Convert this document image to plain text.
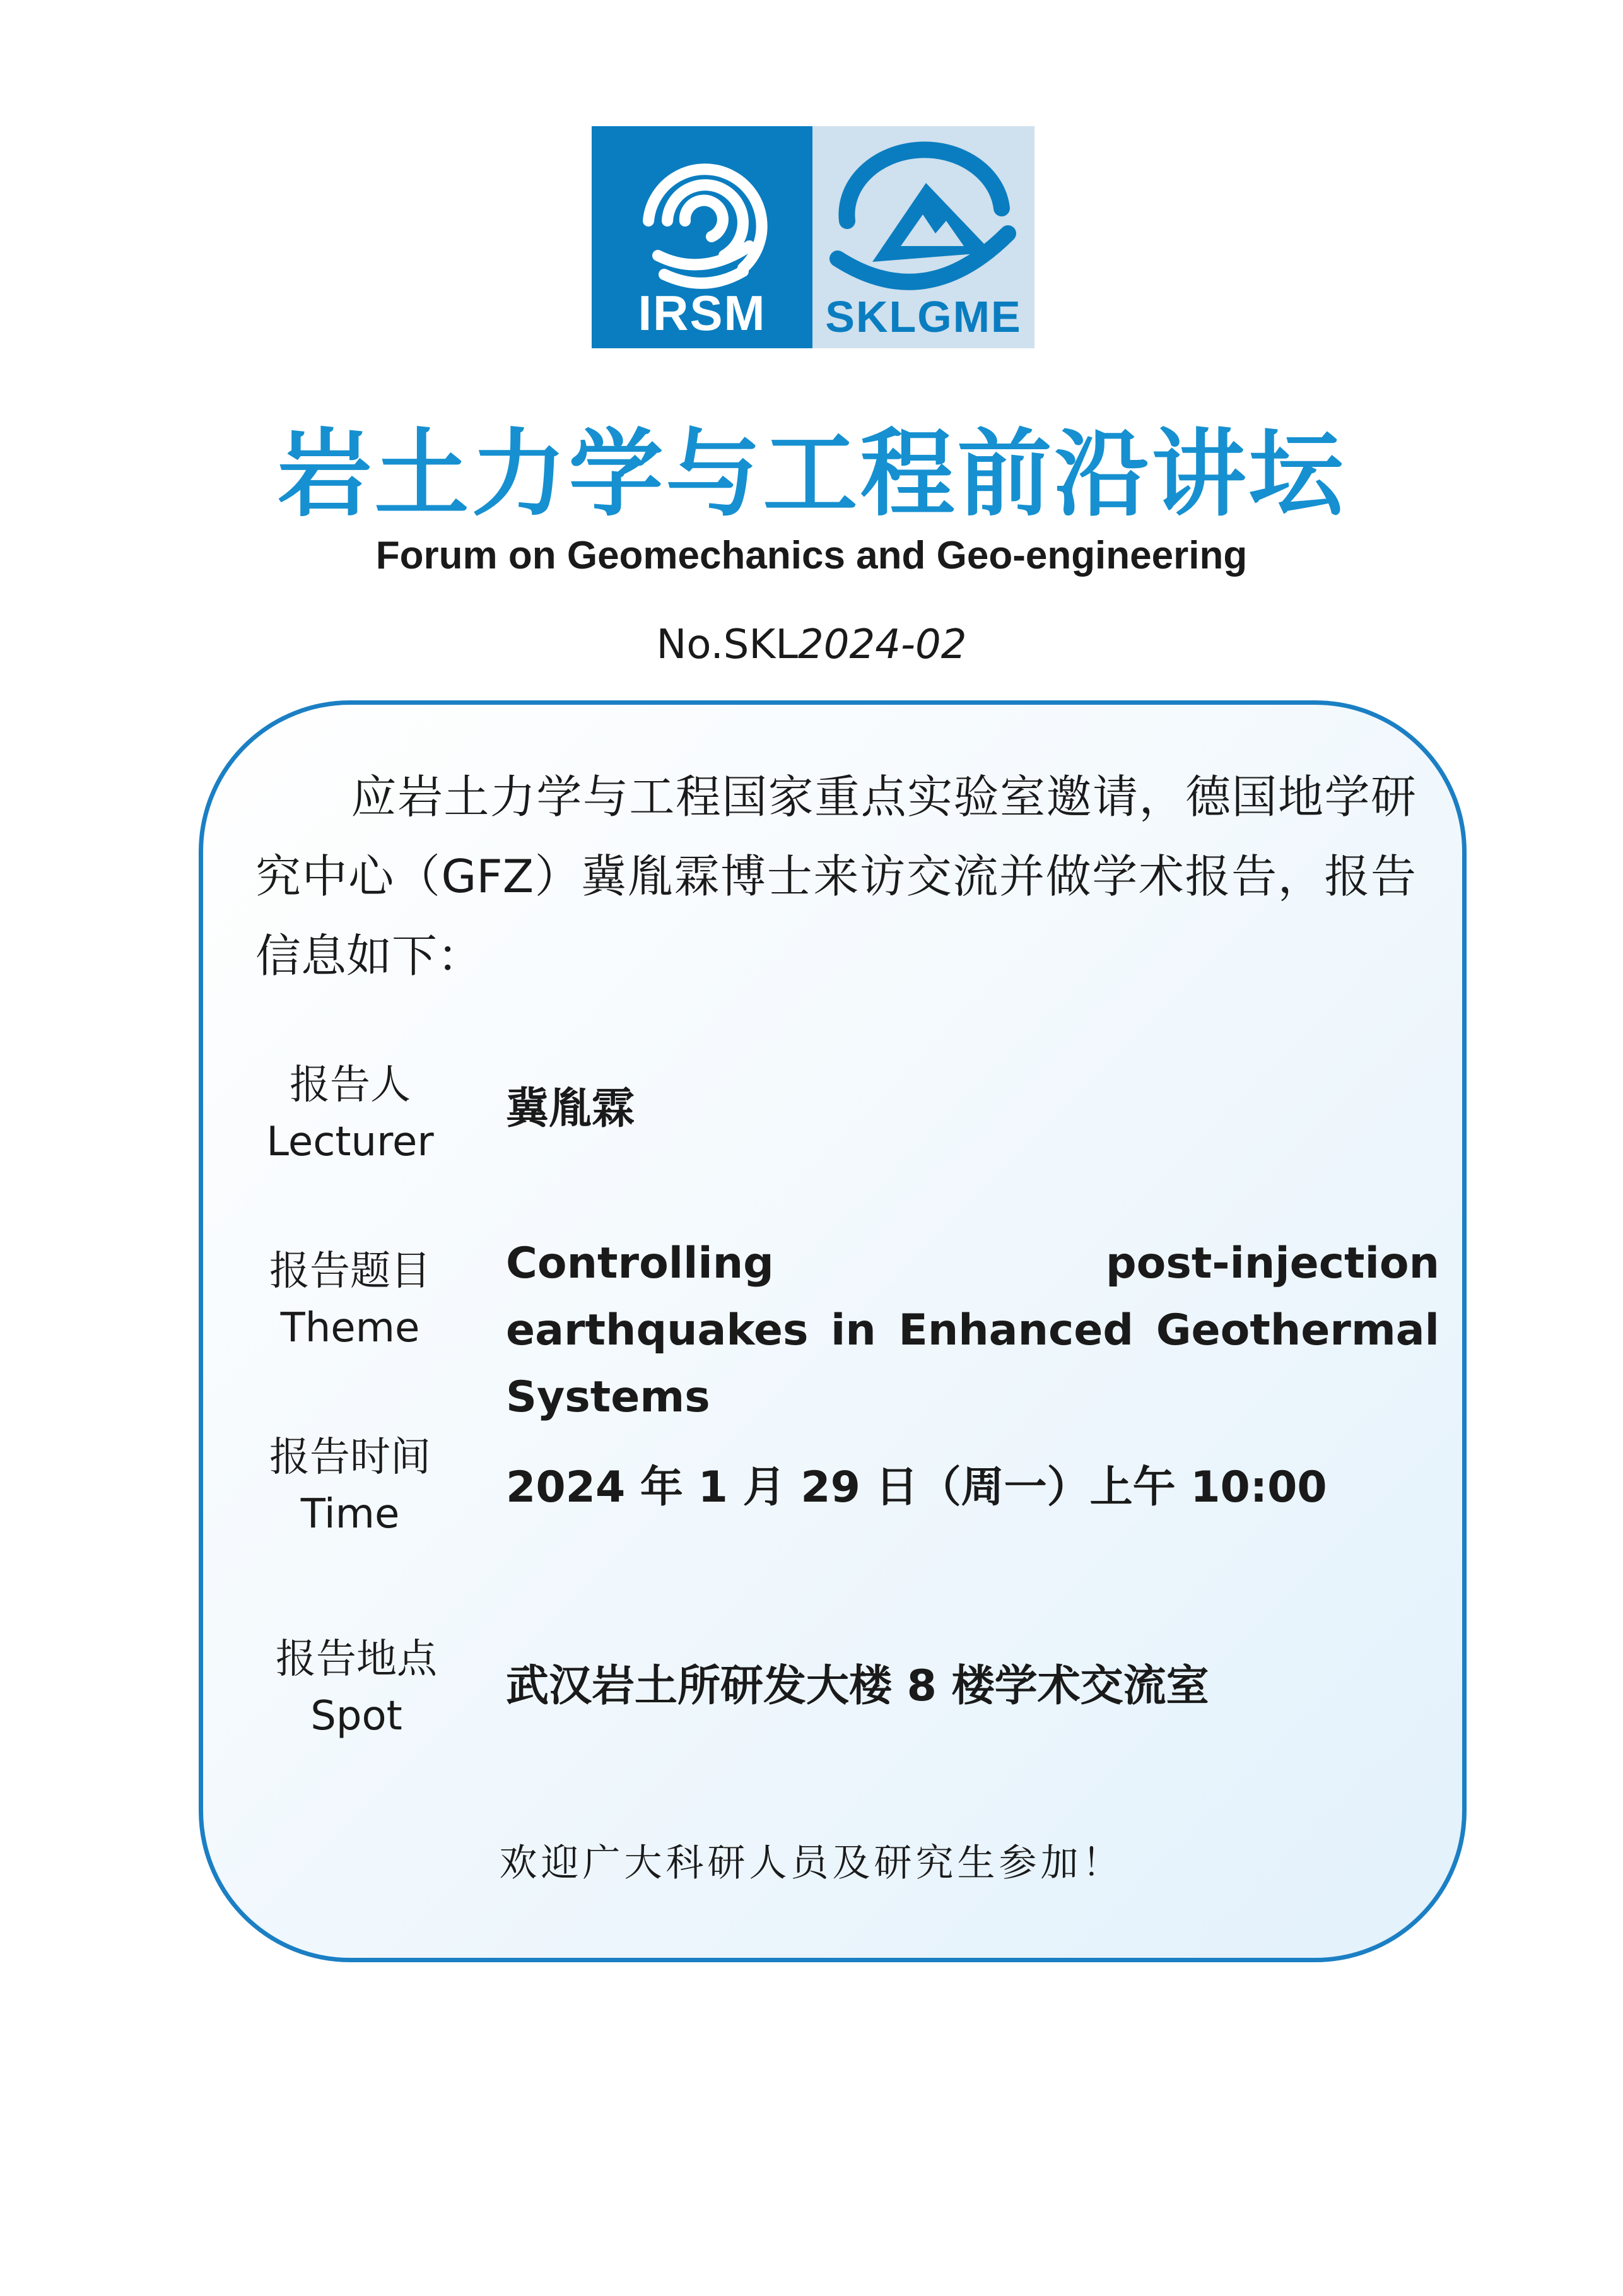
IRSM	SKLGME
岩土力学与工程前沿讲坛
Forum on Geomechanics and Geo-engineering
No.SKL2024-02
应岩土力学与工程国家重点实验室邀请，德国地学研究中心（GFZ）冀胤霖博士来访交流并做学术报告，报告信息如下：
报告人
Lecturer
冀胤霖
报告题目
Theme
Controlling post-injection earthquakes in Enhanced Geothermal Systems
报告时间
Time
2024 年 1 月 29 日（周一）上午 10:00
报告地点
Spot
武汉岩土所研发大楼 8 楼学术交流室
欢迎广大科研人员及研究生参加！
